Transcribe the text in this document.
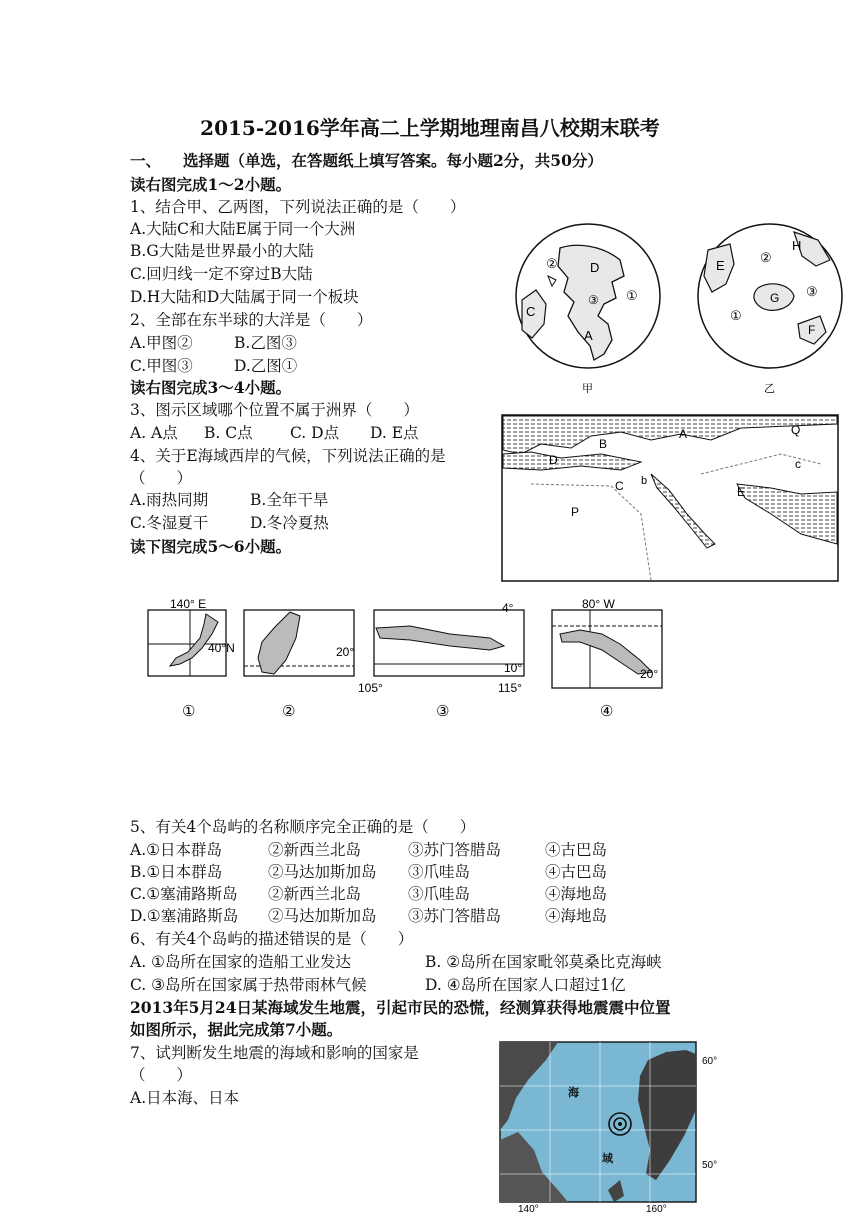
2015-2016学年高二上学期地理南昌八校期末联考
一、 选择题（单选，在答题纸上填写答案。每小题2分，共50分）
读右图完成1～2小题。
1、结合甲、乙两图，下列说法正确的是（　　）
A.大陆C和大陆E属于同一个大洲
B.G大陆是世界最小的大陆
C.回归线一定不穿过B大陆
D.H大陆和D大陆属于同一个板块
2、全部在东半球的大洋是（　　）
A.甲图②	B.乙图③
C.甲图③	D.乙图①
读右图完成3～4小题。
3、图示区域哪个位置不属于洲界（　　）
A. A点 B. C点 C. D点 D. E点
4、关于E海域西岸的气候，下列说法正确的是
（　　）
A.雨热同期	B.全年干旱
C.冬湿夏干	D.冬冷夏热
读下图完成5～6小题。
② D
C
③ ①
A
E
②
H
G ③
①
F
甲	乙
A
B
Q
c
D
C b
E
P
140° E
40°N	20°
4°
10°
105°	115°
80° W
20°
①	②	③	④
5、有关4个岛屿的名称顺序完全正确的是（　　）
A.①日本群岛	②新西兰北岛	③苏门答腊岛	④古巴岛
B.①日本群岛	②马达加斯加岛 ③爪哇岛	④古巴岛
C.①塞浦路斯岛 ②新西兰北岛	③爪哇岛	④海地岛
D.①塞浦路斯岛 ②马达加斯加岛 ③苏门答腊岛	④海地岛
6、有关4个岛屿的描述错误的是（　　）
A. ①岛所在国家的造船工业发达	B. ②岛所在国家毗邻莫桑比克海峡
C. ③岛所在国家属于热带雨林气候	D. ④岛所在国家人口超过1亿
2013年5月24日某海域发生地震，引起市民的恐慌，经测算获得地震震中位置
如图所示，据此完成第7小题。
7、试判断发生地震的海域和影响的国家是
（　　）
A.日本海、日本	海
域
60°
50°
140°	160°
